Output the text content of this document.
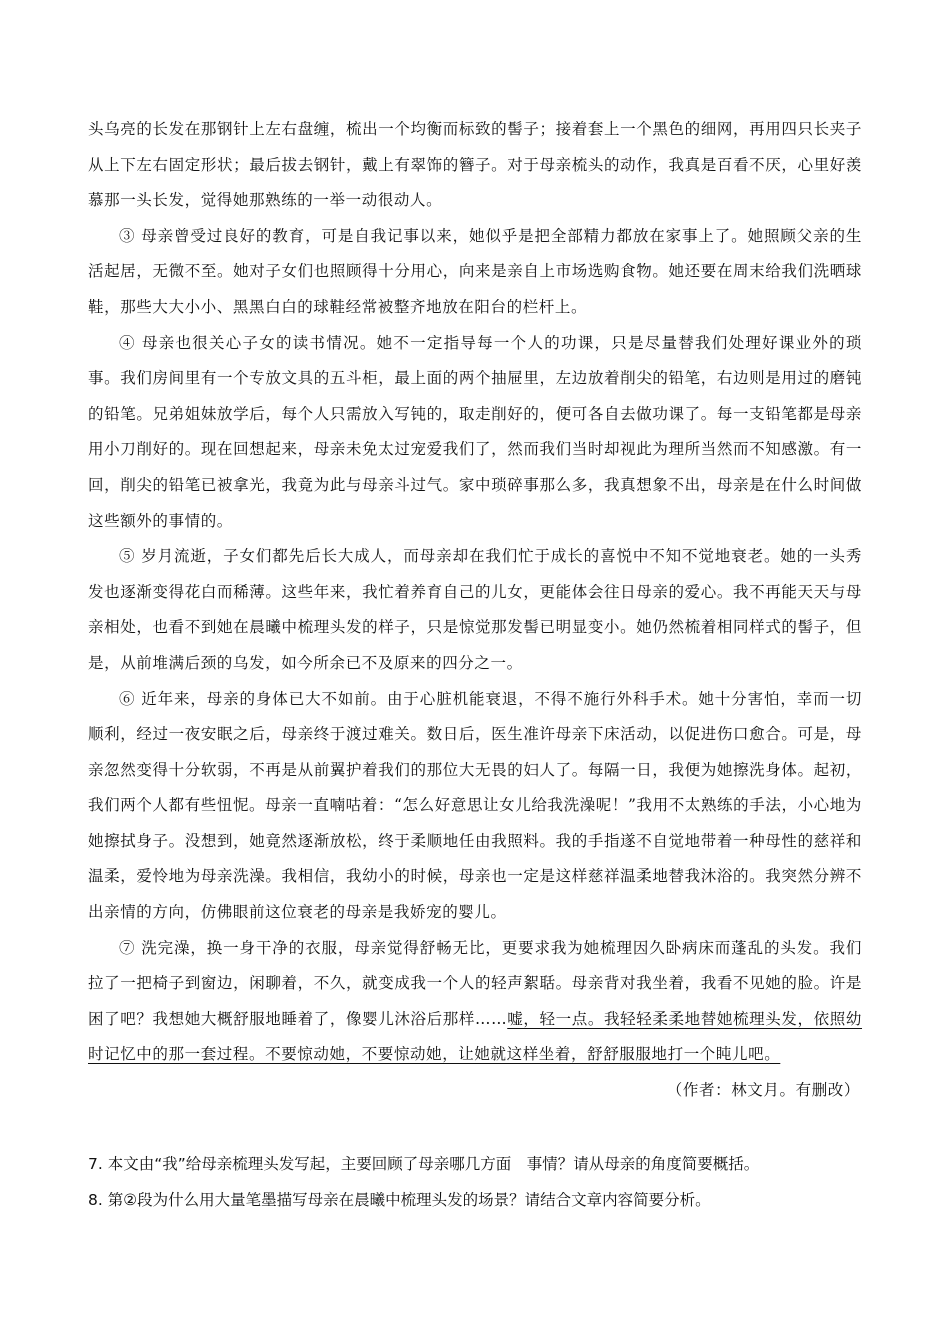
头乌亮的长发在那钢针上左右盘缠，梳出一个均衡而标致的髻子；接着套上一个黑色的细网，再用四只长夹子从上下左右固定形状；最后拔去钢针，戴上有翠饰的簪子。对于母亲梳头的动作，我真是百看不厌，心里好羡慕那一头长发，觉得她那熟练的一举一动很动人。

③ 母亲曾受过良好的教育，可是自我记事以来，她似乎是把全部精力都放在家事上了。她照顾父亲的生活起居，无微不至。她对子女们也照顾得十分用心，向来是亲自上市场选购食物。她还要在周末给我们洗晒球鞋，那些大大小小、黑黑白白的球鞋经常被整齐地放在阳台的栏杆上。

④ 母亲也很关心子女的读书情况。她不一定指导每一个人的功课，只是尽量替我们处理好课业外的琐事。我们房间里有一个专放文具的五斗柜，最上面的两个抽屉里，左边放着削尖的铅笔，右边则是用过的磨钝的铅笔。兄弟姐妹放学后，每个人只需放入写钝的，取走削好的，便可各自去做功课了。每一支铅笔都是母亲用小刀削好的。现在回想起来，母亲未免太过宠爱我们了，然而我们当时却视此为理所当然而不知感激。有一回，削尖的铅笔已被拿光，我竟为此与母亲斗过气。家中琐碎事那么多，我真想象不出，母亲是在什么时间做这些额外的事情的。

⑤ 岁月流逝，子女们都先后长大成人，而母亲却在我们忙于成长的喜悦中不知不觉地衰老。她的一头秀发也逐渐变得花白而稀薄。这些年来，我忙着养育自己的儿女，更能体会往日母亲的爱心。我不再能天天与母亲相处，也看不到她在晨曦中梳理头发的样子，只是惊觉那发髻已明显变小。她仍然梳着相同样式的髻子，但是，从前堆满后颈的乌发，如今所余已不及原来的四分之一。

⑥ 近年来，母亲的身体已大不如前。由于心脏机能衰退，不得不施行外科手术。她十分害怕，幸而一切顺利，经过一夜安眠之后，母亲终于渡过难关。数日后，医生准许母亲下床活动，以促进伤口愈合。可是，母亲忽然变得十分软弱，不再是从前翼护着我们的那位大无畏的妇人了。每隔一日，我便为她擦洗身体。起初，我们两个人都有些忸怩。母亲一直喃咕着：“怎么好意思让女儿给我洗澡呢！”我用不太熟练的手法，小心地为她擦拭身子。没想到，她竟然逐渐放松，终于柔顺地任由我照料。我的手指遂不自觉地带着一种母性的慈祥和温柔，爱怜地为母亲洗澡。我相信，我幼小的时候，母亲也一定是这样慈祥温柔地替我沐浴的。我突然分辨不出亲情的方向，仿佛眼前这位衰老的母亲是我娇宠的婴儿。

⑦ 洗完澡，换一身干净的衣服，母亲觉得舒畅无比，更要求我为她梳理因久卧病床而蓬乱的头发。我们拉了一把椅子到窗边，闲聊着，不久，就变成我一个人的轻声絮聒。母亲背对我坐着，我看不见她的脸。许是困了吧？我想她大概舒服地睡着了，像婴儿沐浴后那样……嘘，轻一点。我轻轻柔柔地替她梳理头发，依照幼时记忆中的那一套过程。不要惊动她，不要惊动她，让她就这样坐着，舒舒服服地打一个盹儿吧。

（作者：林文月。有删改）

7. 本文由“我”给母亲梳理头发写起，主要回顾了母亲哪几方面　事情？请从母亲的角度简要概括。

8. 第②段为什么用大量笔墨描写母亲在晨曦中梳理头发的场景？请结合文章内容简要分析。
